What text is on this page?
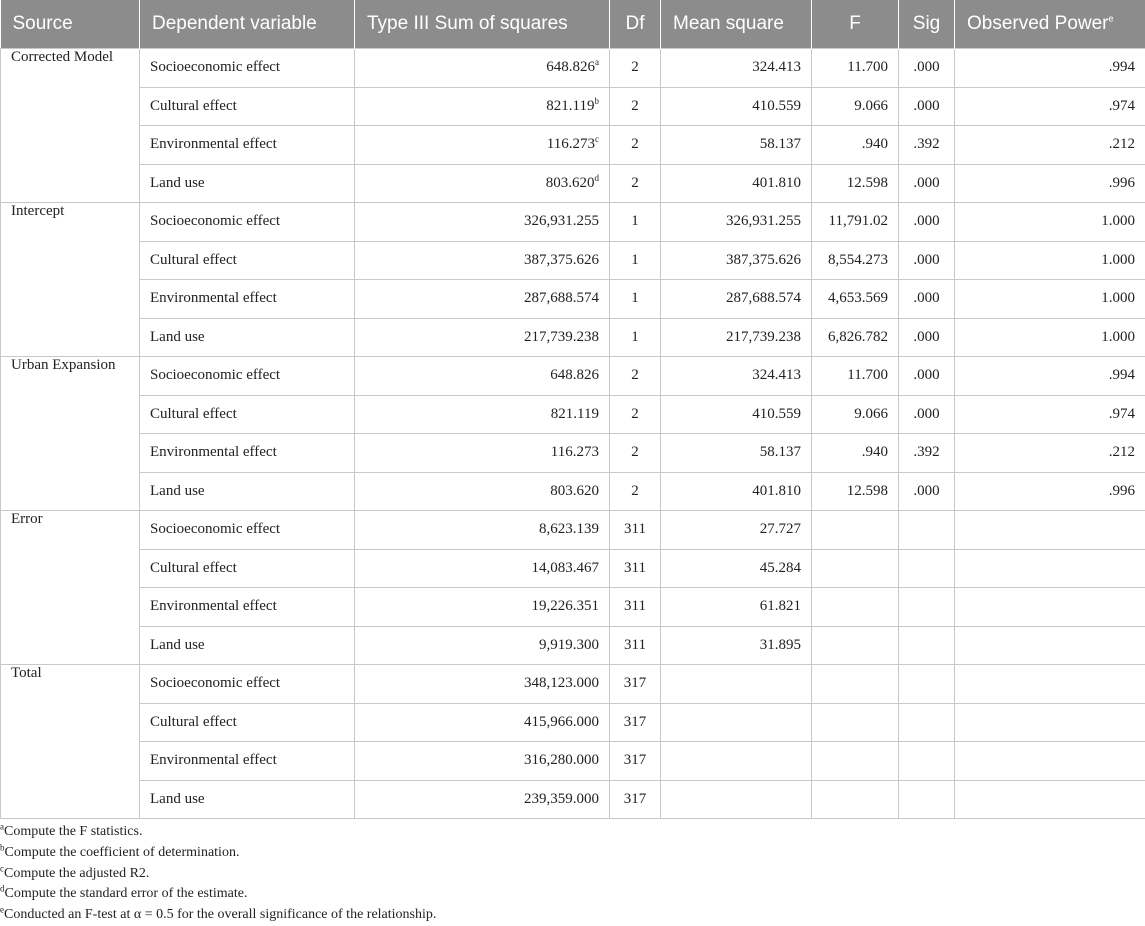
Source	Dependent variable	Type III Sum of squares	Df	Mean square	F	Sig	Observed Power$^e$
Corrected Model	Socioeconomic effect	648.826$^a$	2	324.413	11.700	.000	.994
	Cultural effect	821.119$^b$	2	410.559	9.066	.000	.974
	Environmental effect	116.273$^c$	2	58.137	.940	.392	.212
	Land use	803.620$^d$	2	401.810	12.598	.000	.996
Intercept	Socioeconomic effect	326,931.255	1	326,931.255	11,791.02	.000	1.000
	Cultural effect	387,375.626	1	387,375.626	8,554.273	.000	1.000
	Environmental effect	287,688.574	1	287,688.574	4,653.569	.000	1.000
	Land use	217,739.238	1	217,739.238	6,826.782	.000	1.000
Urban Expansion	Socioeconomic effect	648.826	2	324.413	11.700	.000	.994
	Cultural effect	821.119	2	410.559	9.066	.000	.974
	Environmental effect	116.273	2	58.137	.940	.392	.212
	Land use	803.620	2	401.810	12.598	.000	.996
Error	Socioeconomic effect	8,623.139	311	27.727			
	Cultural effect	14,083.467	311	45.284			
	Environmental effect	19,226.351	311	61.821			
	Land use	9,919.300	311	31.895			
Total	Socioeconomic effect	348,123.000	317				
	Cultural effect	415,966.000	317				
	Environmental effect	316,280.000	317				
	Land use	239,359.000	317				
$^a$Compute the F statistics.
$^b$Compute the coefficient of determination.
$^c$Compute the adjusted R2.
$^d$Compute the standard error of the estimate.
$^e$Conducted an F-test at α = 0.5 for the overall significance of the relationship.
